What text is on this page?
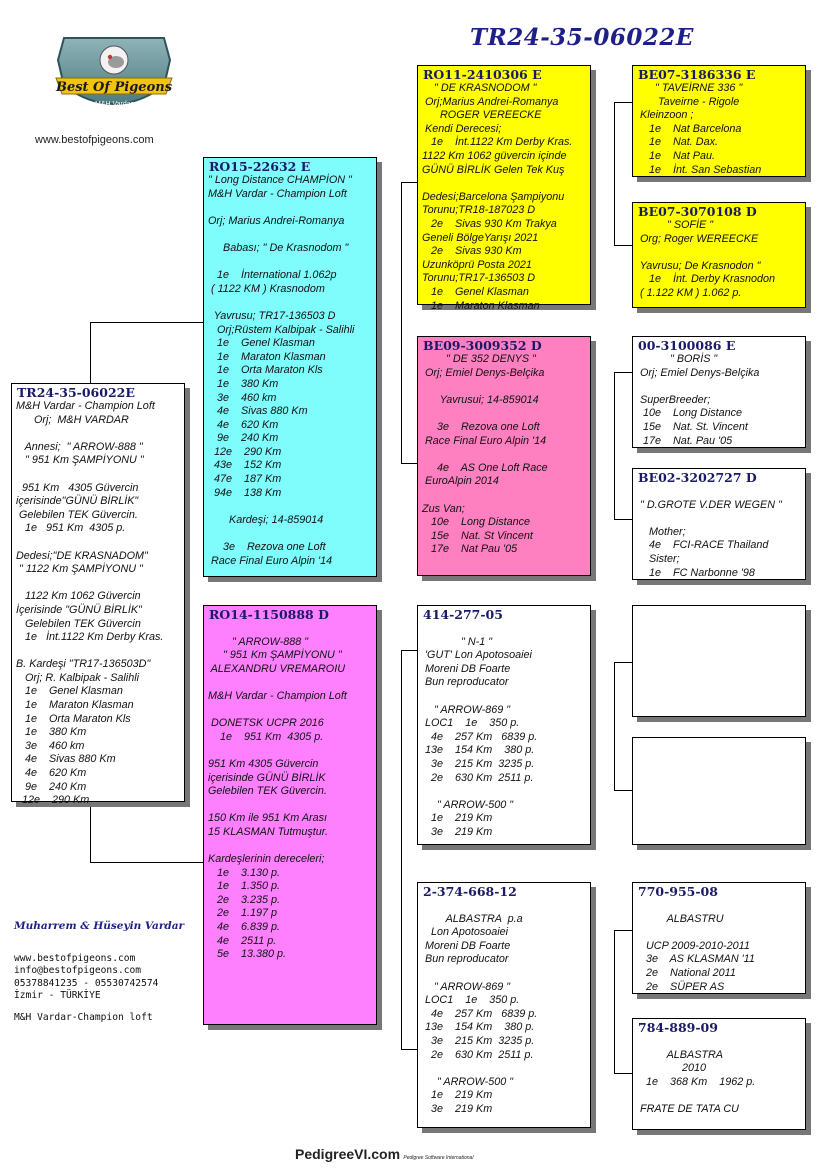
TR24-35-06022E
Best Of Pigeons
M&H Vardar
www.bestofpigeons.com
TR24-35-06022E
M&H Vardar - Champion Loft
Orj;  M&H VARDAR
Annesi;  " ARROW-888 "
" 951 Km ŞAMPİYONU "
951 Km   4305 Güvercin
içerisinde"GÜNÜ BİRLİK"
Gelebilen TEK Güvercin.
1e   951 Km  4305 p.
Dedesi;"DE KRASNADOM"
" 1122 Km ŞAMPİYONU "
1122 Km 1062 Güvercin
İçerisinde "GÜNÜ BİRLİK"
Gelebilen TEK Güvercin
1e   İnt.1122 Km Derby Kras.
B. Kardeşi "TR17-136503D"
Orj; R. Kalbipak - Salihli
1e    Genel Klasman
1e    Maraton Klasman
1e    Orta Maraton Kls
1e    380 Km
3e    460 km
4e    Sivas 880 Km
4e    620 Km
9e    240 Km
12e    290 Km
RO15-22632 E
" Long Distance CHAMPİON "
M&H Vardar - Champion Loft
Orj; Marius Andrei-Romanya
Babası; " De Krasnodom "
1e    İnternational 1.062p
( 1122 KM ) Krasnodom
Yavrusu; TR17-136503 D
Orj;Rüstem Kalbipak - Salihli
1e    Genel Klasman
1e    Maraton Klasman
1e    Orta Maraton Kls
1e    380 Km
3e    460 km
4e    Sivas 880 Km
4e    620 Km
9e    240 Km
12e    290 Km
43e    152 Km
47e    187 Km
94e    138 Km
Kardeşi; 14-859014
3e    Rezova one Loft
Race Final Euro Alpin '14
RO14-1150888 D
" ARROW-888 "
" 951 Km ŞAMPİYONU "
ALEXANDRU VREMAROIU
M&H Vardar - Champion Loft
DONETSK UCPR 2016
1e    951 Km  4305 p.
951 Km 4305 Güvercin
içerisinde GÜNÜ BİRLİK
Gelebilen TEK Güvercin.
150 Km ile 951 Km Arası
15 KLASMAN Tutmuştur.
Kardeşlerinin dereceleri;
1e    3.130 p.
1e    1.350 p.
2e    3.235 p.
2e    1.197 p
4e    6.839 p.
4e    2511 p.
5e    13.380 p.
RO11-2410306 E
" DE KRASNODOM "
Orj;Marius Andrei-Romanya
ROGER VEREECKE
Kendi Derecesi;
1e    İnt.1122 Km Derby Kras.
1122 Km 1062 güvercin içinde
GÜNÜ BİRLİK Gelen Tek Kuş
Dedesi;Barcelona Şampiyonu
Torunu;TR18-187023 D
2e    Sivas 930 Km Trakya
Geneli BölgeYarışı 2021
2e    Sivas 930 Km
Uzunköprü Posta 2021
Torunu;TR17-136503 D
1e    Genel Klasman
1e    Maraton Klasman
BE09-3009352 D
" DE 352 DENYS "
Orj; Emiel Denys-Belçika
Yavrusui; 14-859014
3e    Rezova one Loft
Race Final Euro Alpin '14
4e    AS One Loft Race
EuroAlpin 2014
Zus Van;
10e    Long Distance
15e    Nat. St Vincent
17e    Nat Pau '05
414-277-05
" N-1 "
'GUT' Lon Apotosoaiei
Moreni DB Foarte
Bun reproducator
" ARROW-869 "
LOC1    1e    350 p.
4e    257 Km   6839 p.
13e    154 Km    380 p.
3e    215 Km  3235 p.
2e    630 Km  2511 p.
" ARROW-500 "
1e    219 Km
3e    219 Km
2-374-668-12
ALBASTRA  p.a
Lon Apotosoaiei
Moreni DB Foarte
Bun reproducator
" ARROW-869 "
LOC1    1e    350 p.
4e    257 Km   6839 p.
13e    154 Km    380 p.
3e    215 Km  3235 p.
2e    630 Km  2511 p.
" ARROW-500 "
1e    219 Km
3e    219 Km
BE07-3186336 E
" TAVEİRNE 336 "
Taveirne - Rigole
Kleinzoon ;
1e    Nat Barcelona
1e    Nat. Dax.
1e    Nat Pau.
1e    İnt. San Sebastian
BE07-3070108 D
" SOFİE "
Org; Roger WEREECKE
Yavrusu; De Krasnodon "
1e    İnt. Derby Krasnodon
( 1.122 KM ) 1.062 p.
00-3100086 E
" BORİS "
Orj; Emiel Denys-Belçika
SuperBreeder;
10e    Long Distance
15e    Nat. St. Vincent
17e    Nat. Pau '05
BE02-3202727 D
" D.GROTE V.DER WEGEN "
Mother;
4e    FCI-RACE Thailand
Sister;
1e    FC Narbonne '98
770-955-08
ALBASTRU
UCP 2009-2010-2011
3e    AS KLASMAN '11
2e    National 2011
2e    SÜPER AS
784-889-09
ALBASTRA
2010
1e    368 Km    1962 p.
FRATE DE TATA CU
Muharrem & Hüseyin Vardar
www.bestofpigeons.com
info@bestofpigeons.com
05378841235 - 05530742574
İzmir - TÜRKİYE
M&H Vardar-Champion loft
PedigreeVI.com Pedigree Software International
